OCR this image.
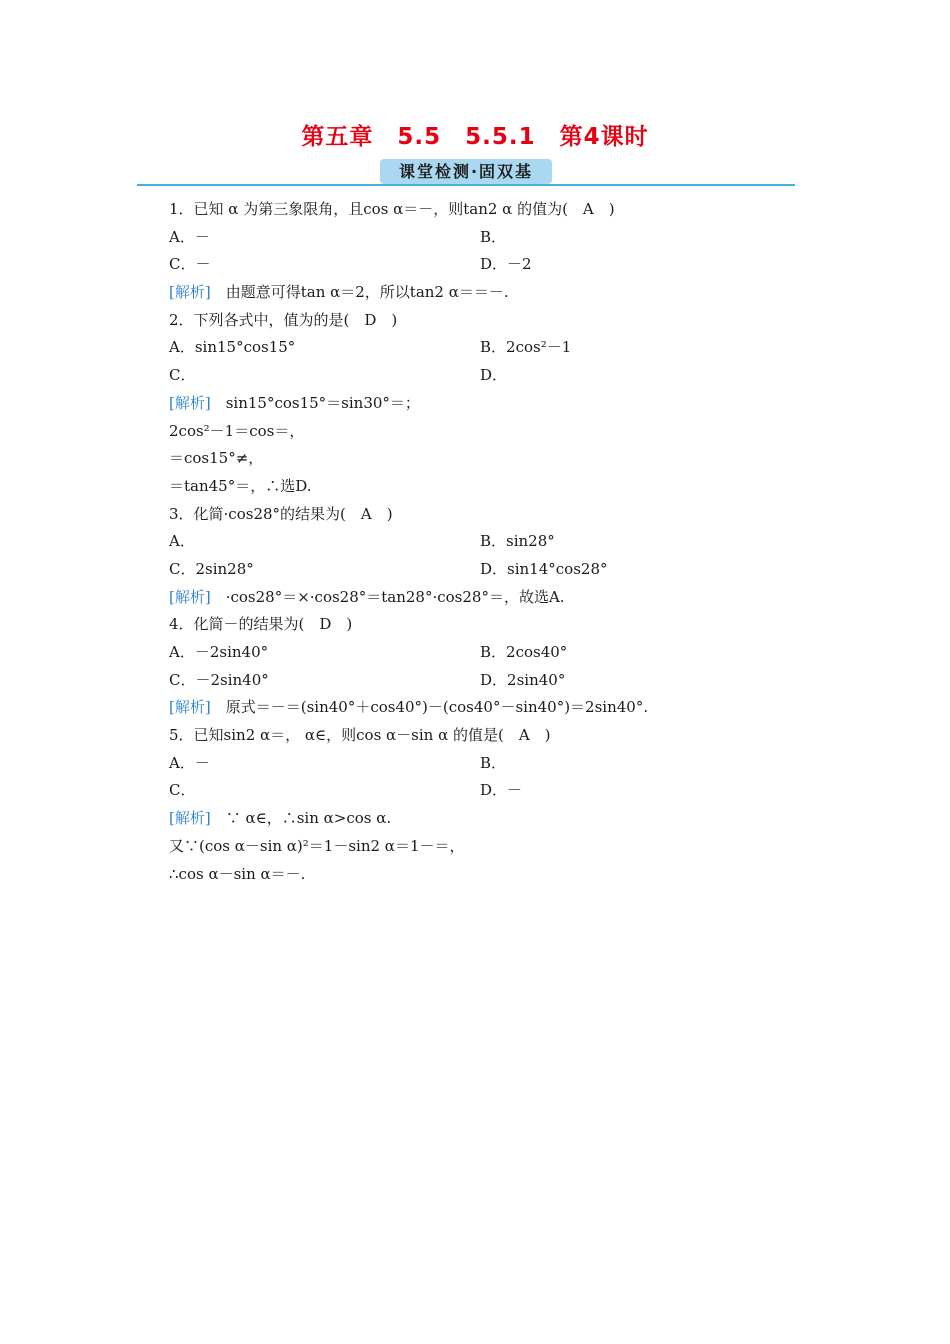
第五章　5.5　5.5.1　第4课时
课堂检测·固双基
1．已知 α 为第三象限角，且cos α＝－，则tan2 α 的值为(　A　)
A．－	B．
C．－	D．－2
[解析]　由题意可得tan α＝2，所以tan2 α＝＝－.
2．下列各式中，值为的是(　D　)
A．sin15°cos15°	B．2cos²－1
C．	D．
[解析]　sin15°cos15°＝sin30°＝；
2cos²－1＝cos＝，
＝cos15°≠，
＝tan45°＝，∴选D.
3．化简·cos28°的结果为(　A　)
A．	B．sin28°
C．2sin28°	D．sin14°cos28°
[解析]　·cos28°＝×·cos28°＝tan28°·cos28°＝，故选A.
4．化简－的结果为(　D　)
A．－2sin40°	B．2cos40°
C．－2sin40°	D．2sin40°
[解析]　原式＝－＝(sin40°＋cos40°)－(cos40°－sin40°)＝2sin40°.
5．已知sin2 α＝， α∈，则cos α－sin α 的值是(　A　)
A．－	B．
C．	D．－
[解析]　∵ α∈，∴sin α>cos α.
又∵(cos α－sin α)²＝1－sin2 α＝1－＝，
∴cos α－sin α＝－.
